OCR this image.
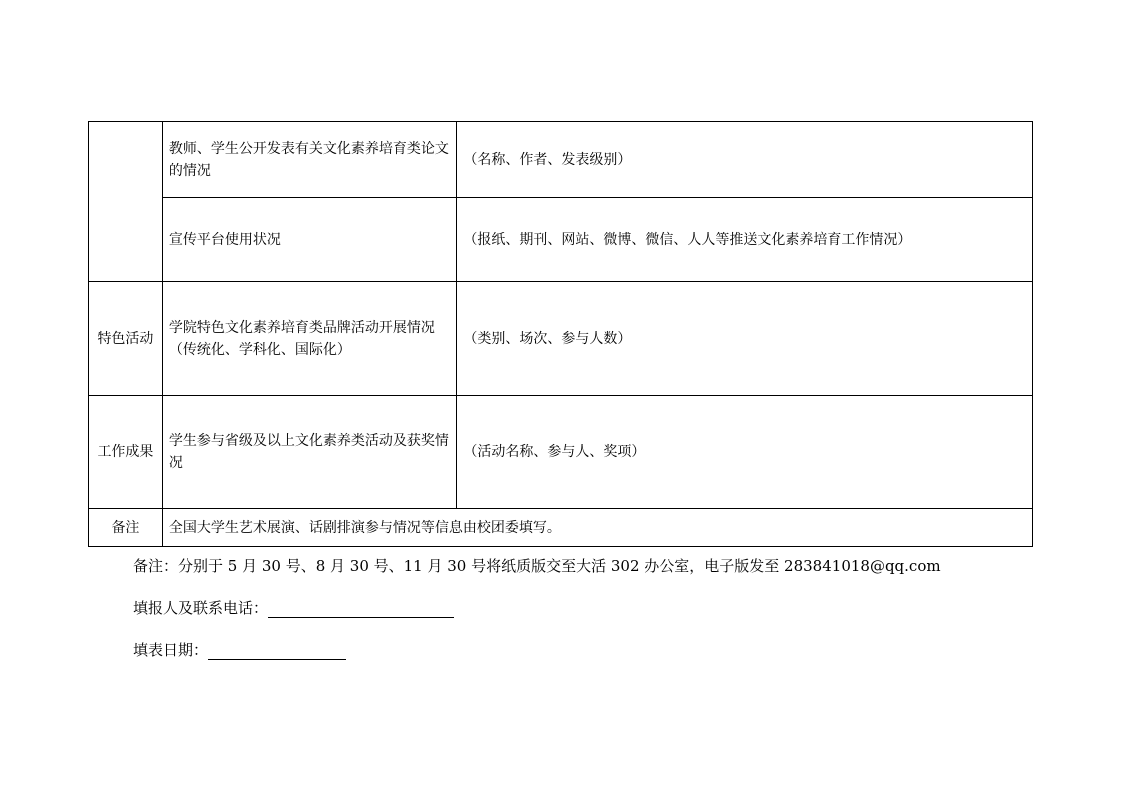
	教师、学生公开发表有关文化素养培育类论文的情况	（名称、作者、发表级别）
	宣传平台使用状况	（报纸、期刊、网站、微博、微信、人人等推送文化素养培育工作情况）
特色活动	学院特色文化素养培育类品牌活动开展情况（传统化、学科化、国际化）	（类别、场次、参与人数）
工作成果	学生参与省级及以上文化素养类活动及获奖情况	（活动名称、参与人、奖项）
备注	全国大学生艺术展演、话剧排演参与情况等信息由校团委填写。	
备注：分别于 5 月 30 号、8 月 30 号、11 月 30 号将纸质版交至大活 302 办公室，电子版发至 283841018@qq.com
填报人及联系电话：
填表日期：
